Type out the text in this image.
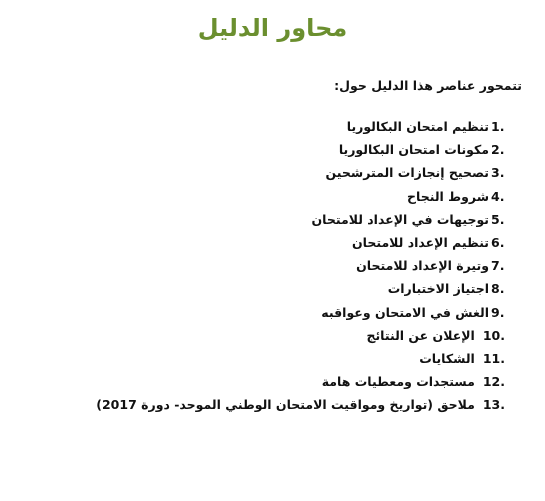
محاور الدليل
تتمحور عناصر هذا الدليل حول:
1.
تنظيم امتحان البكالوريا
2.
مكونات امتحان البكالوريا
3.
تصحيح إنجازات المترشحين
4.
شروط النجاح
5.
توجيهات في الإعداد للامتحان
6.
تنظيم الإعداد للامتحان
7.
وتيرة الإعداد للامتحان
8.
اجتياز الاختبارات
9.
الغش في الامتحان وعواقبه
10.
الإعلان عن النتائج
11.
الشكايات
12.
مستجدات ومعطيات هامة
13.
ملاحق (تواريخ ومواقيت الامتحان الوطني الموحد- دورة 2017)
